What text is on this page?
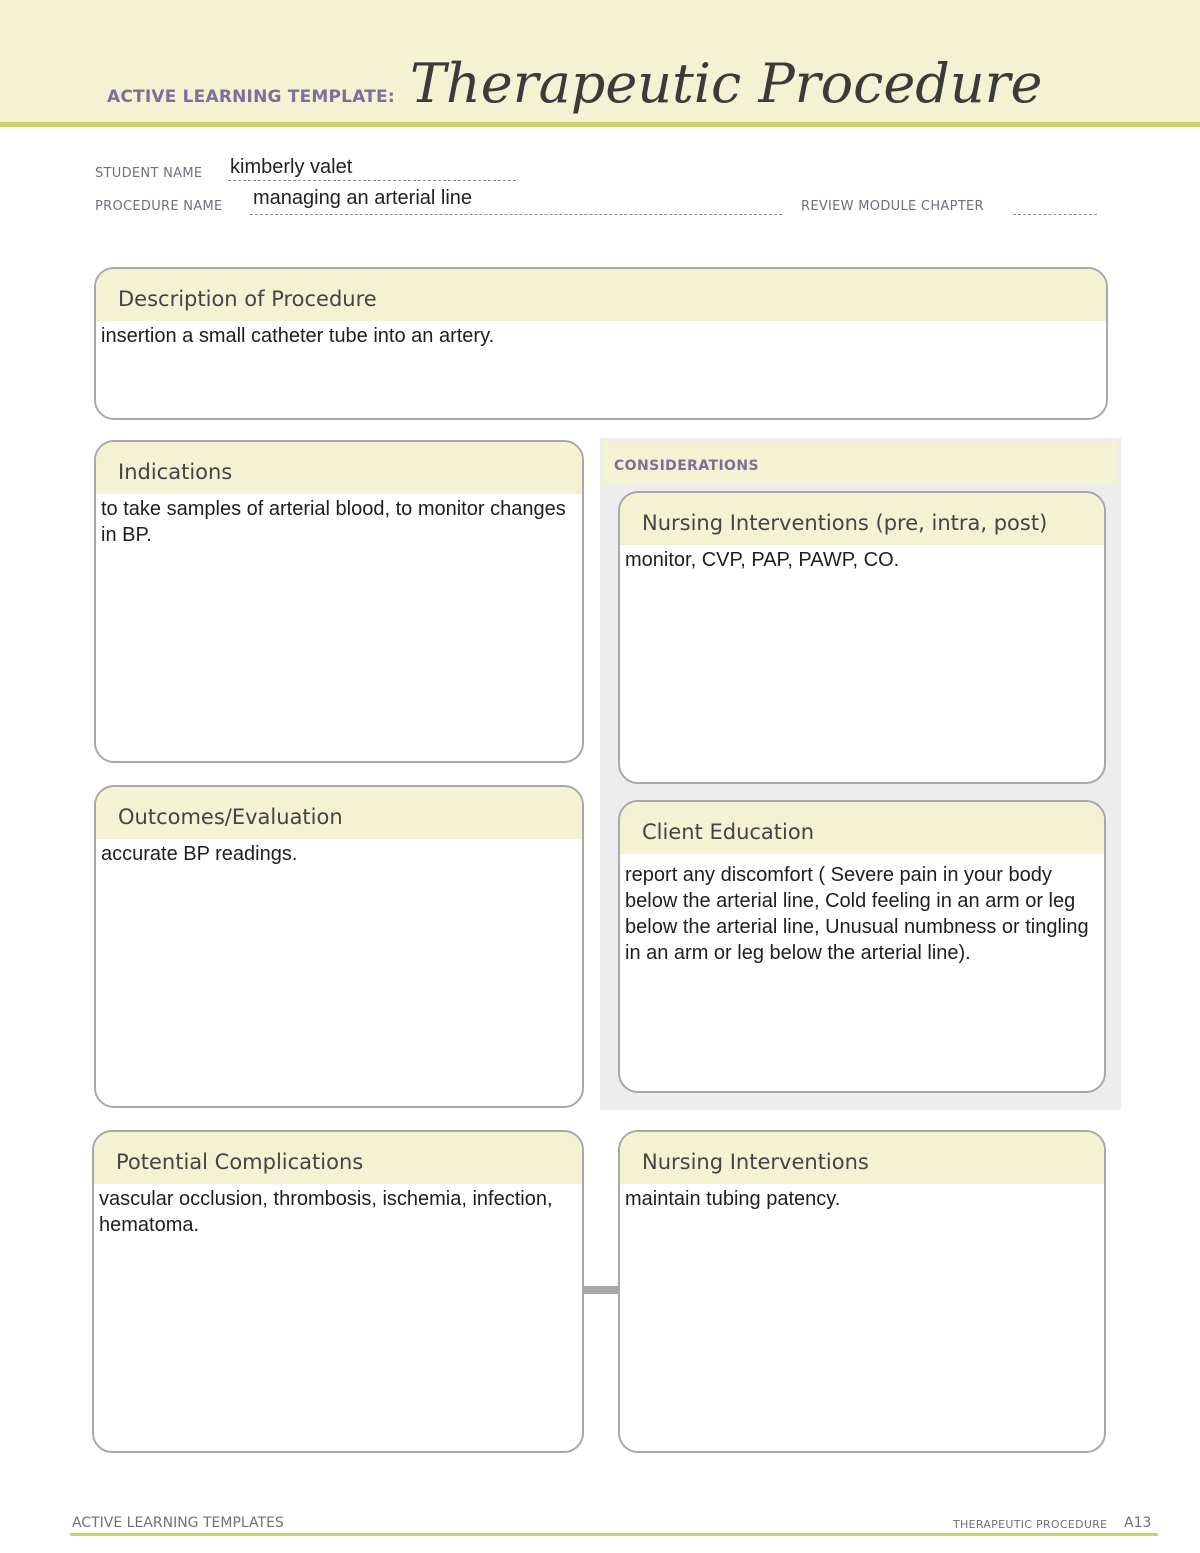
ACTIVE LEARNING TEMPLATE: Therapeutic Procedure
STUDENT NAME kimberly valet
PROCEDURE NAME managing an arterial line	REVIEW MODULE CHAPTER
Description of Procedure
insertion a small catheter tube into an artery.
CONSIDERATIONS
Indications
to take samples of arterial blood, to monitor changes in BP.	Nursing Interventions (pre, intra, post)
monitor, CVP, PAP, PAWP, CO.
Outcomes/Evaluation
accurate BP readings.
Client Education
report any discomfort ( Severe pain in your body below the arterial line, Cold feeling in an arm or leg below the arterial line, Unusual numbness or tingling in an arm or leg below the arterial line).
Potential Complications
vascular occlusion, thrombosis, ischemia, infection, hematoma.
Nursing Interventions
maintain tubing patency.
ACTIVE LEARNING TEMPLATES	THERAPEUTIC PROCEDURE A13
